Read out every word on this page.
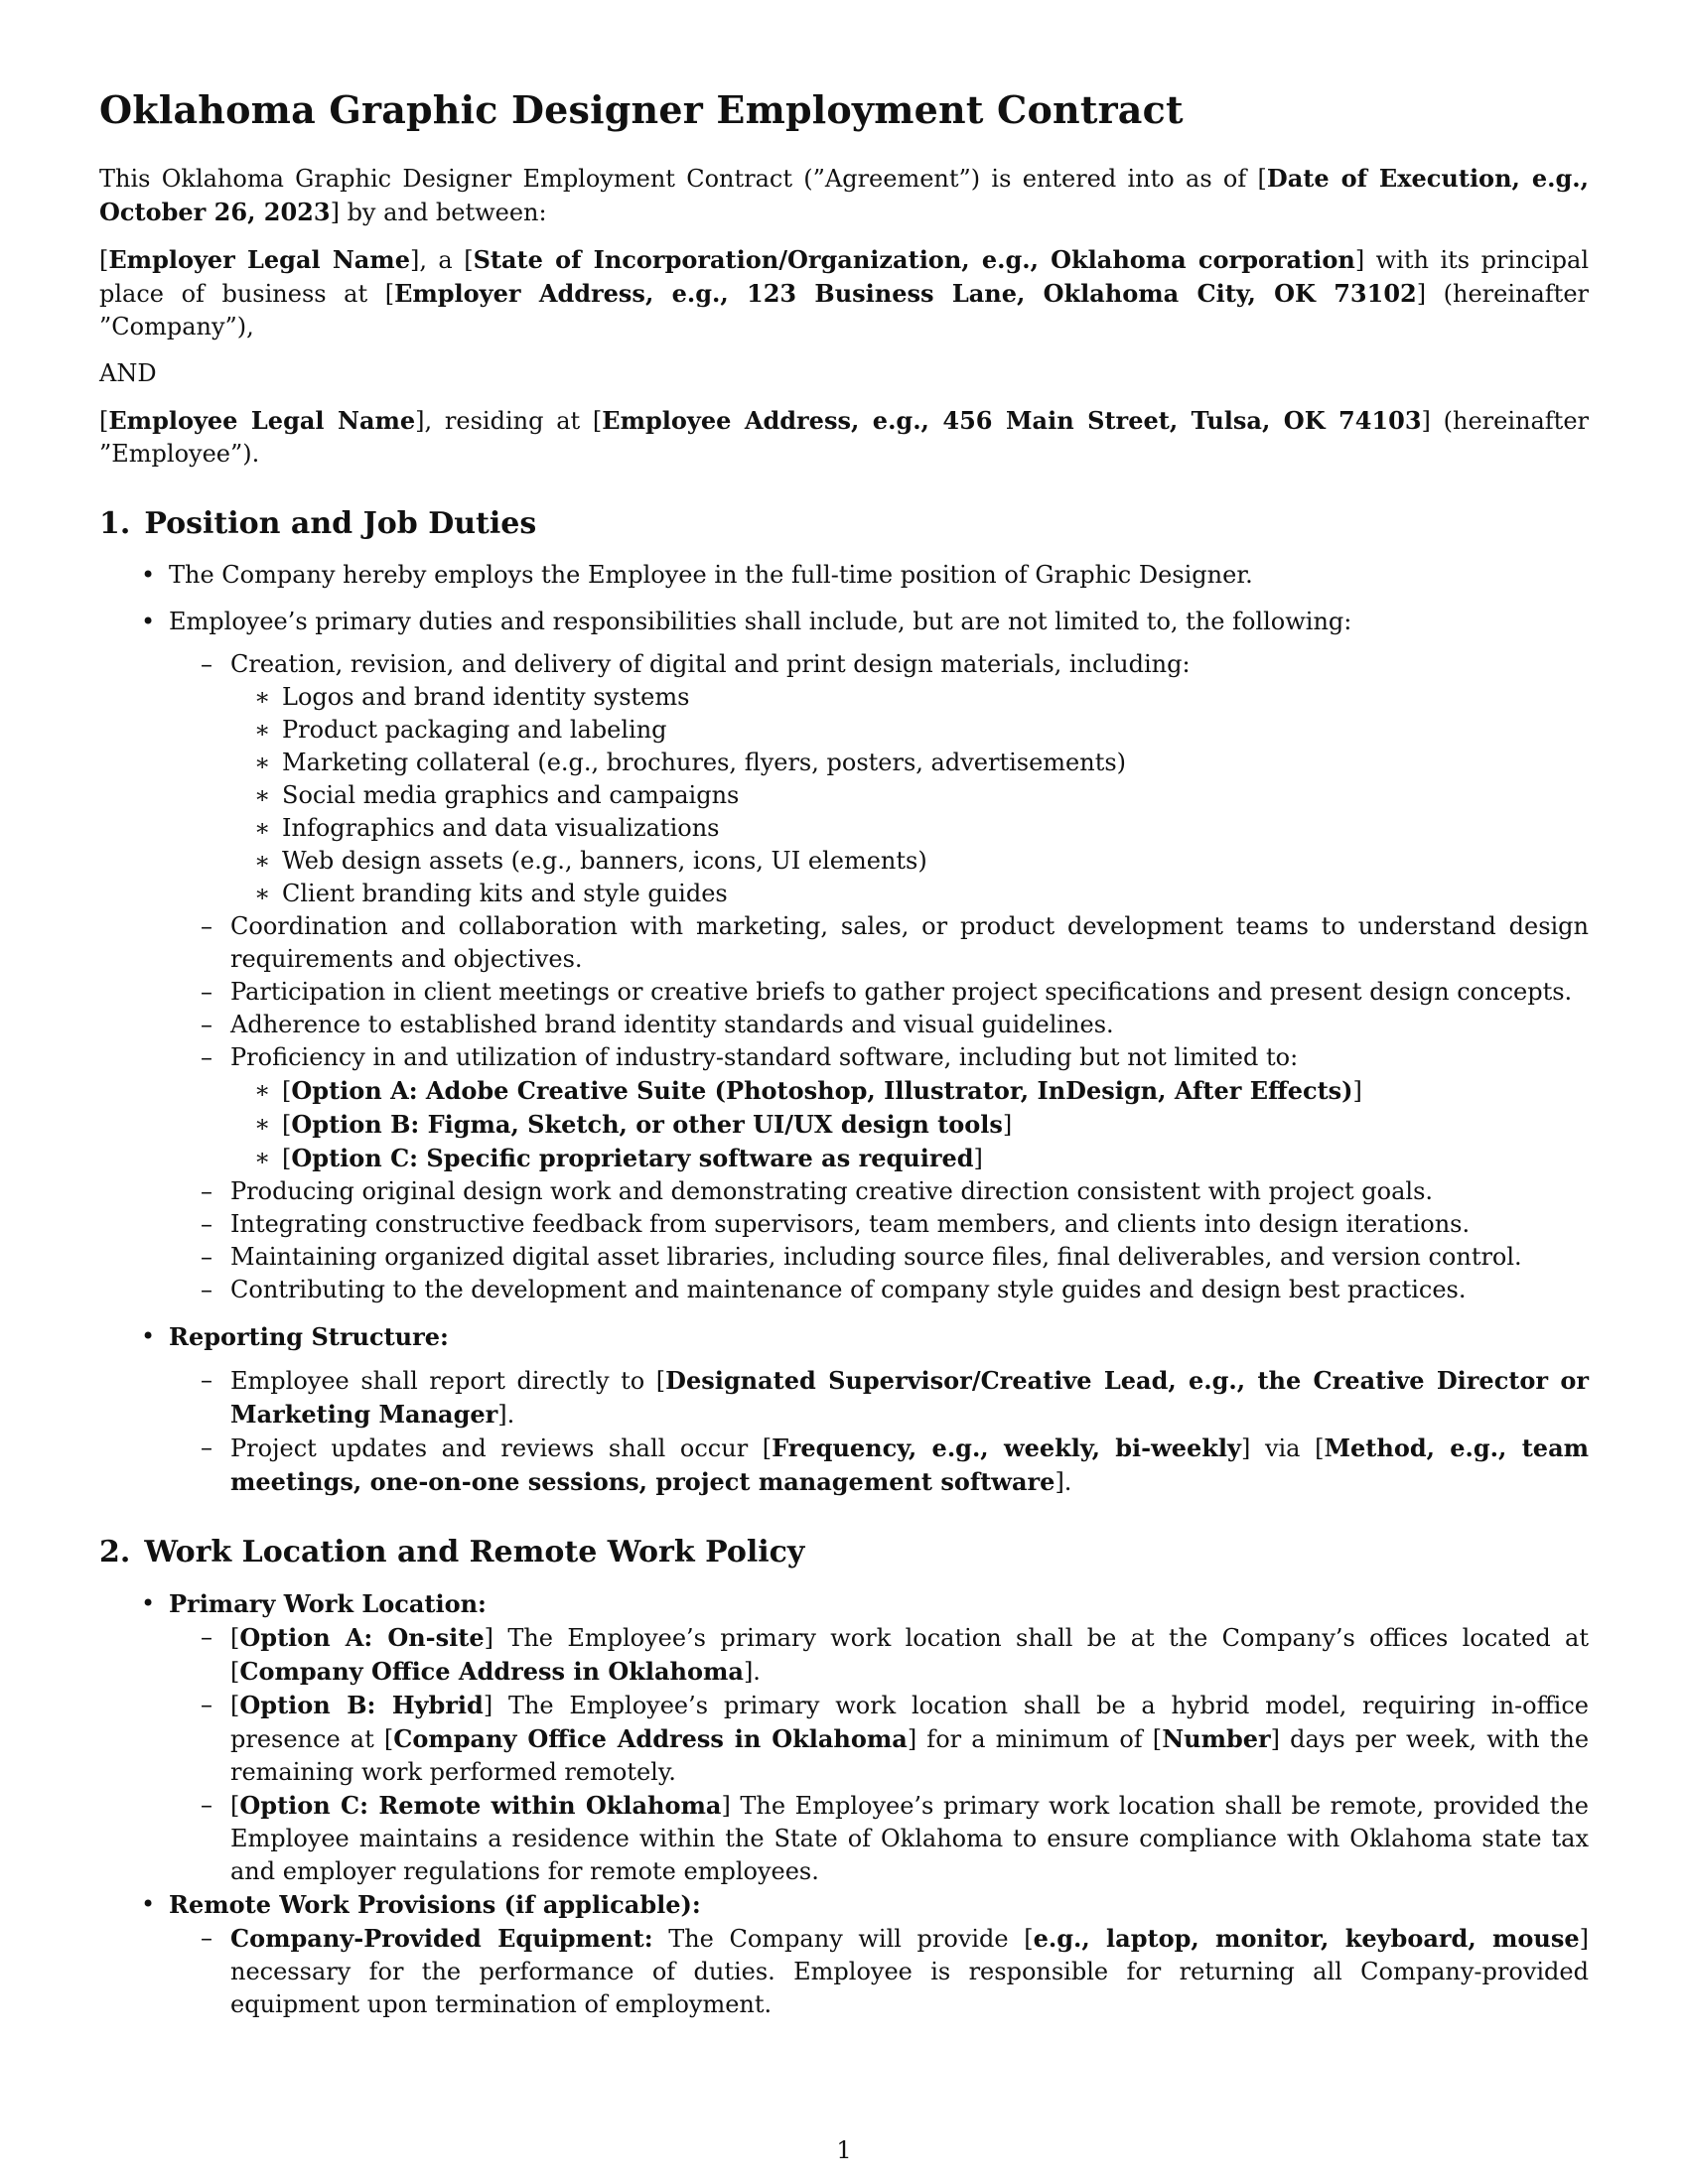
Oklahoma Graphic Designer Employment Contract

This Oklahoma Graphic Designer Employment Contract (”Agreement”) is entered into as of [Date of Execution, e.g., October 26, 2023] by and between:

[Employer Legal Name], a [State of Incorporation/Organization, e.g., Oklahoma corporation] with its principal place of business at [Employer Address, e.g., 123 Business Lane, Oklahoma City, OK 73102] (hereinafter ”Company”),

AND

[Employee Legal Name], residing at [Employee Address, e.g., 456 Main Street, Tulsa, OK 74103] (hereinafter ”Employee”).

1. Position and Job Duties
• The Company hereby employs the Employee in the full-time position of Graphic Designer.
• Employee’s primary duties and responsibilities shall include, but are not limited to, the following:
– Creation, revision, and delivery of digital and print design materials, including:
∗ Logos and brand identity systems
∗ Product packaging and labeling
∗ Marketing collateral (e.g., brochures, flyers, posters, advertisements)
∗ Social media graphics and campaigns
∗ Infographics and data visualizations
∗ Web design assets (e.g., banners, icons, UI elements)
∗ Client branding kits and style guides
– Coordination and collaboration with marketing, sales, or product development teams to understand design requirements and objectives.
– Participation in client meetings or creative briefs to gather project specifications and present design concepts.
– Adherence to established brand identity standards and visual guidelines.
– Proficiency in and utilization of industry-standard software, including but not limited to:
∗ [Option A: Adobe Creative Suite (Photoshop, Illustrator, InDesign, After Effects)]
∗ [Option B: Figma, Sketch, or other UI/UX design tools]
∗ [Option C: Specific proprietary software as required]
– Producing original design work and demonstrating creative direction consistent with project goals.
– Integrating constructive feedback from supervisors, team members, and clients into design iterations.
– Maintaining organized digital asset libraries, including source files, final deliverables, and version control.
– Contributing to the development and maintenance of company style guides and design best practices.
• Reporting Structure:
– Employee shall report directly to [Designated Supervisor/Creative Lead, e.g., the Creative Director or Marketing Manager].
– Project updates and reviews shall occur [Frequency, e.g., weekly, bi-weekly] via [Method, e.g., team meetings, one-on-one sessions, project management software].
2. Work Location and Remote Work Policy
• Primary Work Location:
– [Option A: On-site] The Employee’s primary work location shall be at the Company’s offices located at [Company Office Address in Oklahoma].
– [Option B: Hybrid] The Employee’s primary work location shall be a hybrid model, requiring in-office presence at [Company Office Address in Oklahoma] for a minimum of [Number] days per week, with the remaining work performed remotely.
– [Option C: Remote within Oklahoma] The Employee’s primary work location shall be remote, provided the Employee maintains a residence within the State of Oklahoma to ensure compliance with Oklahoma state tax and employer regulations for remote employees.
• Remote Work Provisions (if applicable):
– Company-Provided Equipment: The Company will provide [e.g., laptop, monitor, keyboard, mouse] necessary for the performance of duties. Employee is responsible for returning all Company-provided equipment upon termination of employment.
1
